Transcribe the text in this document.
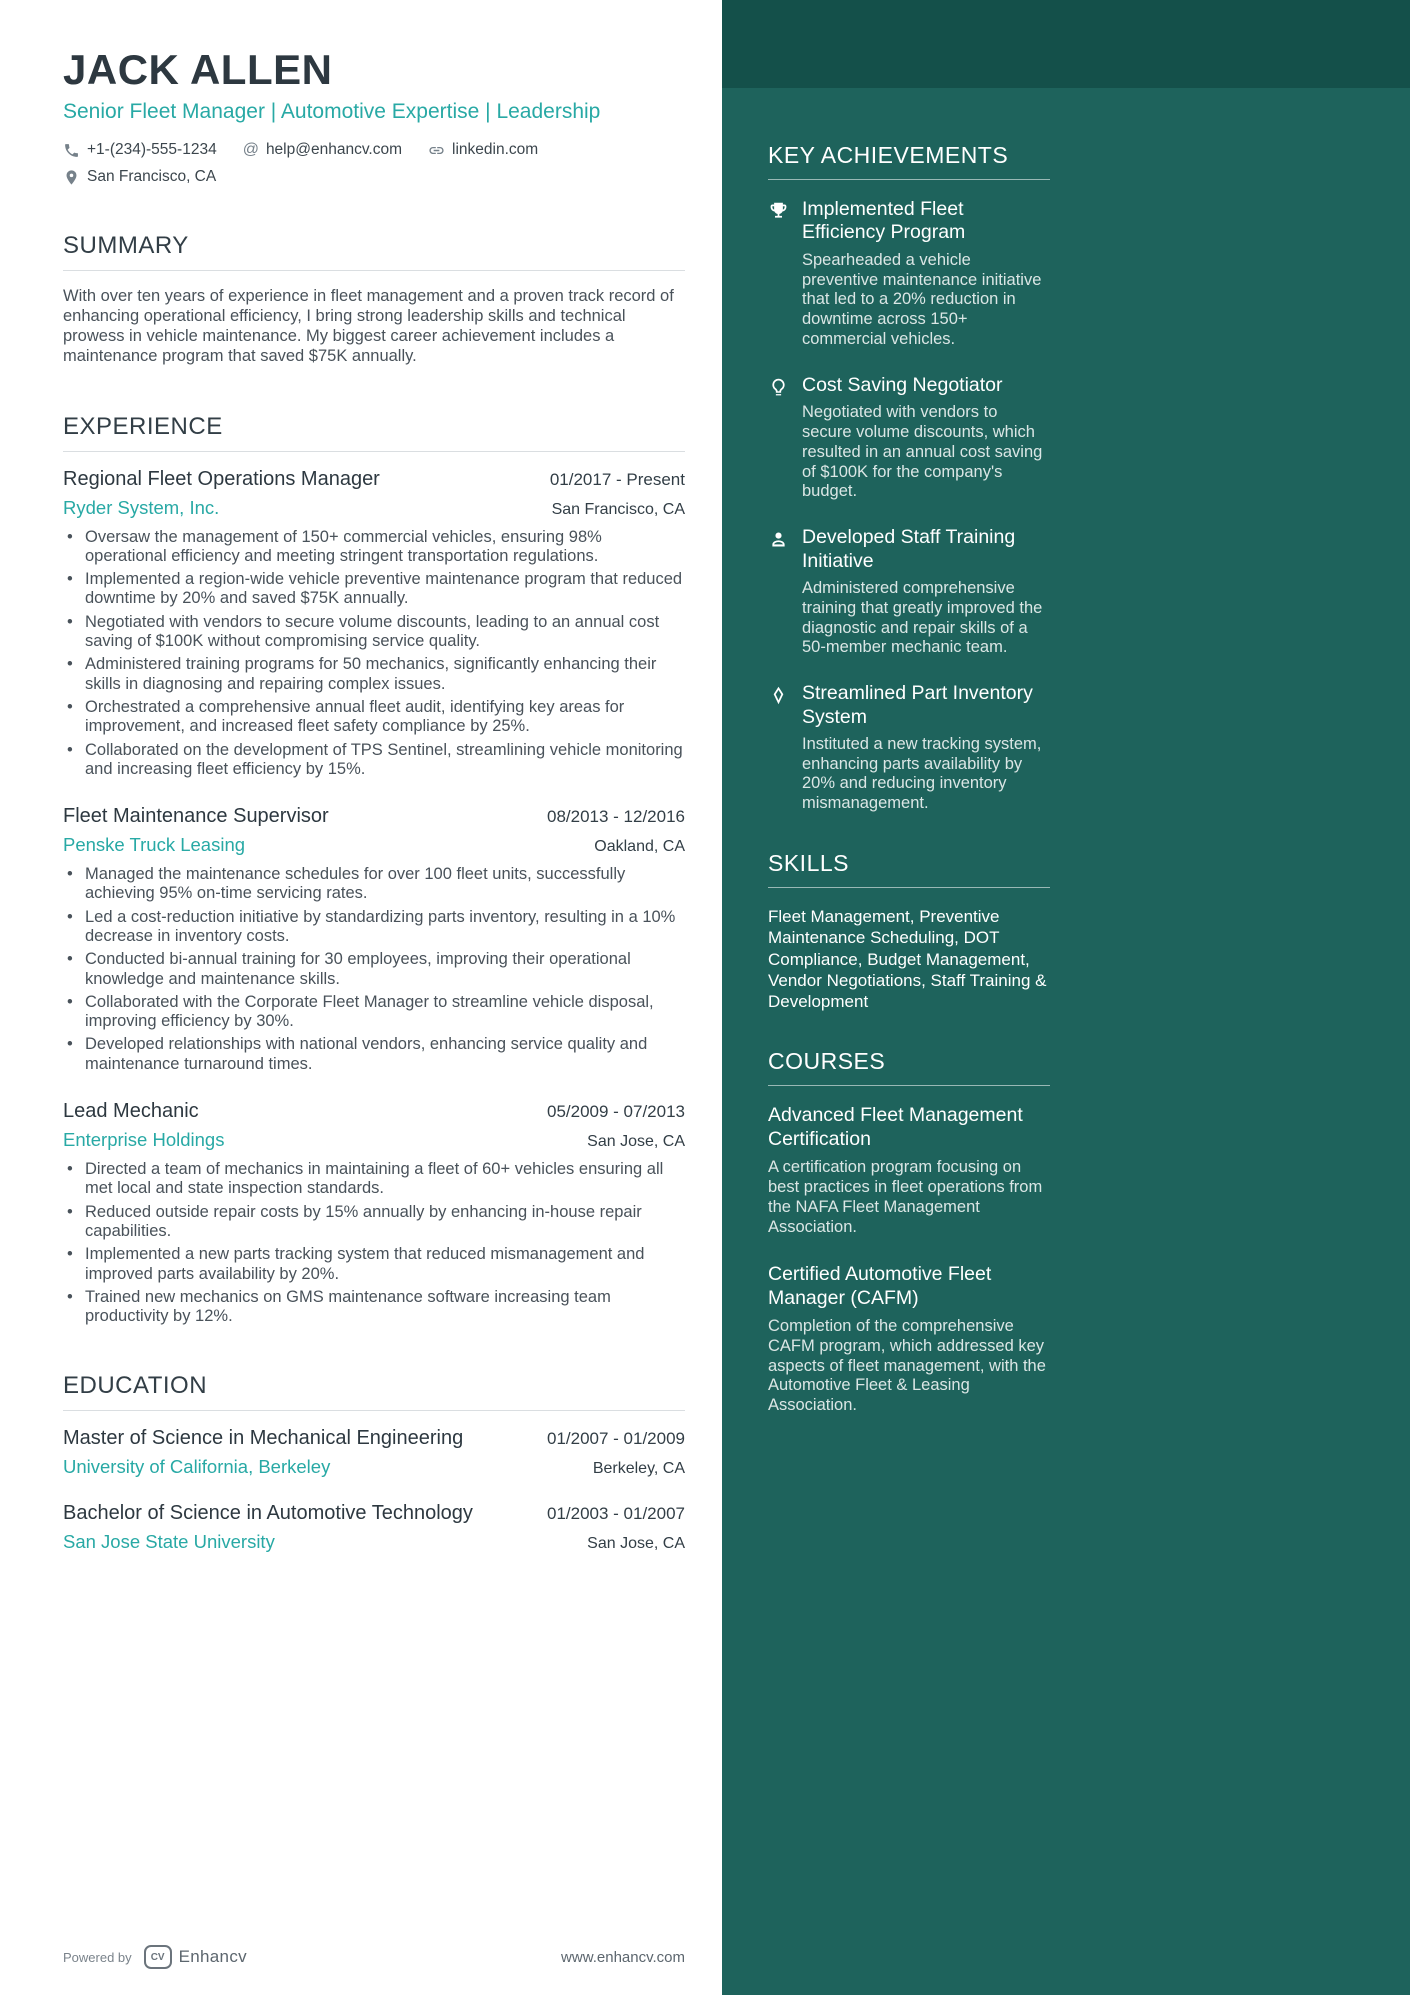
JACK ALLEN
Senior Fleet Manager | Automotive Expertise | Leadership
+1-(234)-555-1234 @ help@enhancv.com	linkedin.com
San Francisco, CA
SUMMARY
With over ten years of experience in fleet management and a proven track record of enhancing operational efficiency, I bring strong leadership skills and technical prowess in vehicle maintenance. My biggest career achievement includes a maintenance program that saved $75K annually.
EXPERIENCE
Regional Fleet Operations Manager	01/2017 - Present
Ryder System, Inc.	San Francisco, CA
• Oversaw the management of 150+ commercial vehicles, ensuring 98% operational efficiency and meeting stringent transportation regulations.
• Implemented a region-wide vehicle preventive maintenance program that reduced downtime by 20% and saved $75K annually.
• Negotiated with vendors to secure volume discounts, leading to an annual cost saving of $100K without compromising service quality.
• Administered training programs for 50 mechanics, significantly enhancing their skills in diagnosing and repairing complex issues.
• Orchestrated a comprehensive annual fleet audit, identifying key areas for improvement, and increased fleet safety compliance by 25%.
• Collaborated on the development of TPS Sentinel, streamlining vehicle monitoring and increasing fleet efficiency by 15%.
Fleet Maintenance Supervisor	08/2013 - 12/2016
Penske Truck Leasing	Oakland, CA
• Managed the maintenance schedules for over 100 fleet units, successfully achieving 95% on-time servicing rates.
• Led a cost-reduction initiative by standardizing parts inventory, resulting in a 10% decrease in inventory costs.
• Conducted bi-annual training for 30 employees, improving their operational knowledge and maintenance skills.
• Collaborated with the Corporate Fleet Manager to streamline vehicle disposal, improving efficiency by 30%.
• Developed relationships with national vendors, enhancing service quality and maintenance turnaround times.
Lead Mechanic	05/2009 - 07/2013
Enterprise Holdings	San Jose, CA
• Directed a team of mechanics in maintaining a fleet of 60+ vehicles ensuring all met local and state inspection standards.
• Reduced outside repair costs by 15% annually by enhancing in-house repair capabilities.
• Implemented a new parts tracking system that reduced mismanagement and improved parts availability by 20%.
• Trained new mechanics on GMS maintenance software increasing team productivity by 12%.
EDUCATION
Master of Science in Mechanical Engineering	01/2007 - 01/2009
University of California, Berkeley	Berkeley, CA
Bachelor of Science in Automotive Technology	01/2003 - 01/2007
San Jose State University	San Jose, CA
KEY ACHIEVEMENTS
Implemented Fleet Efficiency Program
Spearheaded a vehicle preventive maintenance initiative that led to a 20% reduction in downtime across 150+ commercial vehicles.
Cost Saving Negotiator
Negotiated with vendors to secure volume discounts, which resulted in an annual cost saving of $100K for the company's budget.
Developed Staff Training Initiative
Administered comprehensive training that greatly improved the diagnostic and repair skills of a 50-member mechanic team.
Streamlined Part Inventory System
Instituted a new tracking system, enhancing parts availability by 20% and reducing inventory mismanagement.
SKILLS
Fleet Management, Preventive Maintenance Scheduling, DOT Compliance, Budget Management, Vendor Negotiations, Staff Training & Development
COURSES
Advanced Fleet Management Certification
A certification program focusing on best practices in fleet operations from the NAFA Fleet Management Association.
Certified Automotive Fleet Manager (CAFM)
Completion of the comprehensive CAFM program, which addressed key aspects of fleet management, with the Automotive Fleet & Leasing Association.
Powered by	CV Enhancv	www.enhancv.com
